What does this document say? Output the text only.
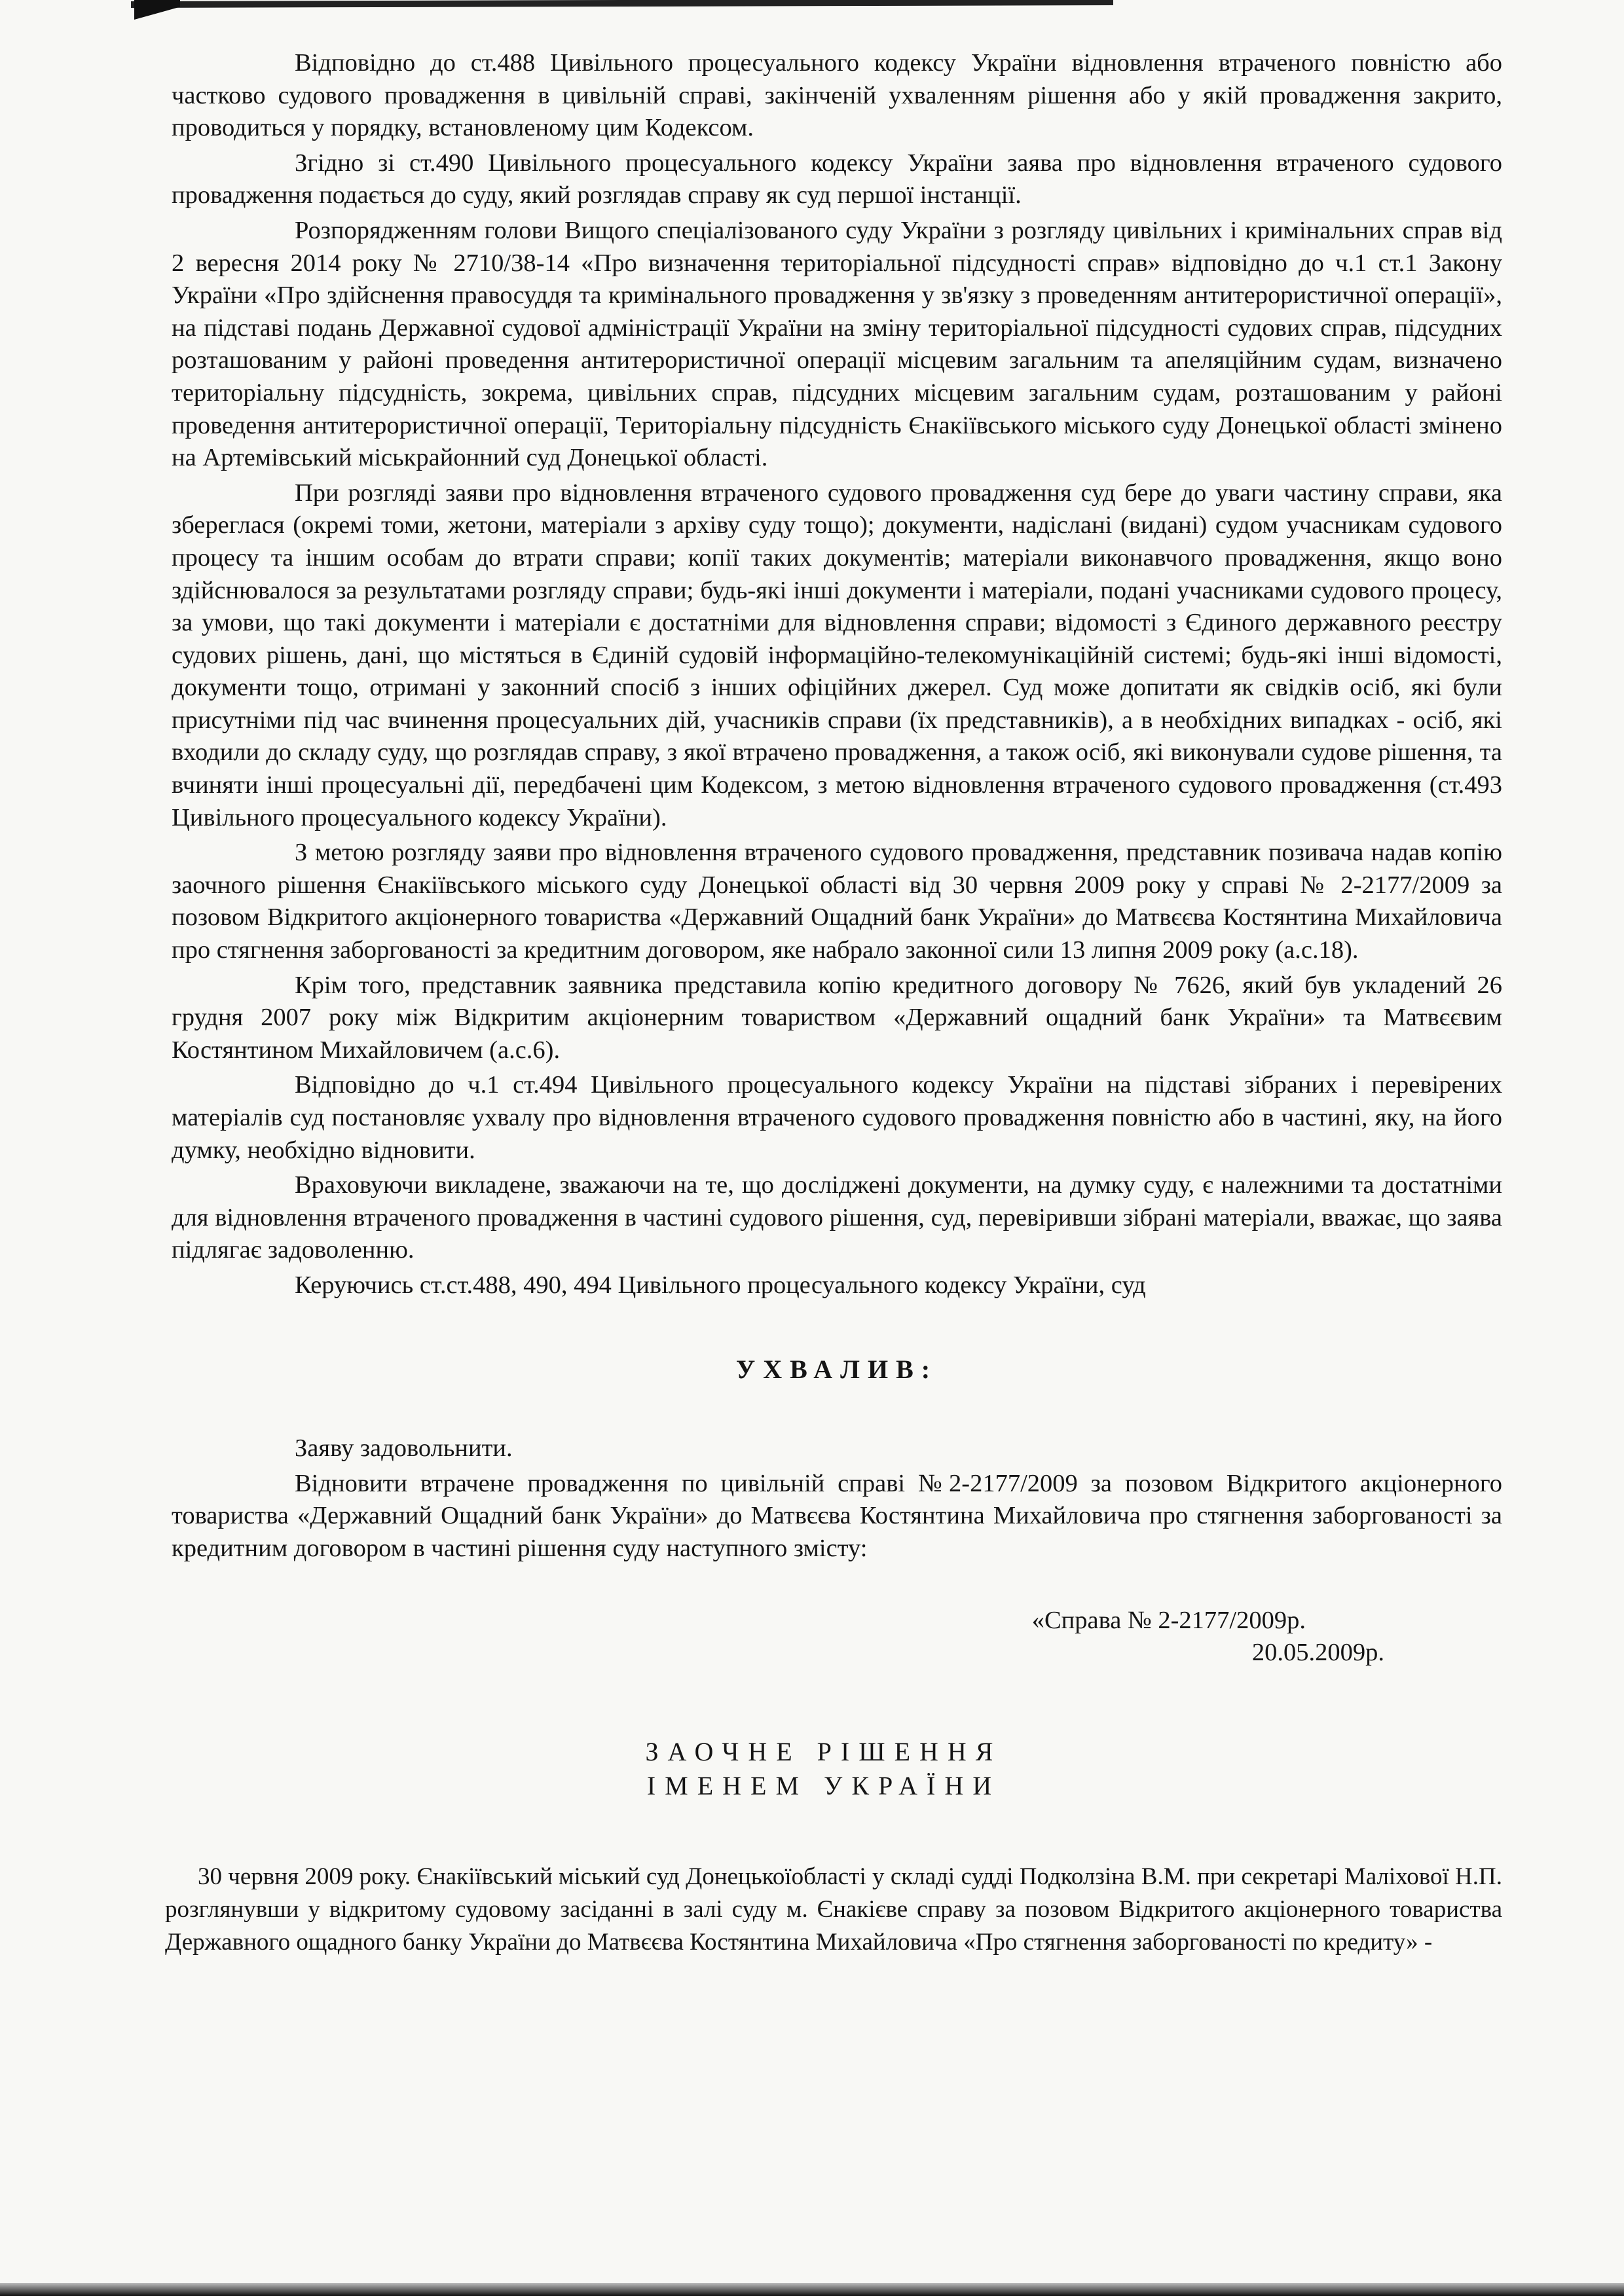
Відповідно до ст.488 Цивільного процесуального кодексу України відновлення втраченого повністю або частково судового провадження в цивільній справі, закінченій ухваленням рішення або у якій провадження закрито, проводиться у порядку, встановленому цим Кодексом.

Згідно зі ст.490 Цивільного процесуального кодексу України заява про відновлення втраченого судового провадження подається до суду, який розглядав справу як суд першої інстанції.

Розпорядженням голови Вищого спеціалізованого суду України з розгляду цивільних і кримінальних справ від 2 вересня 2014 року № 2710/38-14 «Про визначення територіальної підсудності справ» відповідно до ч.1 ст.1 Закону України «Про здійснення правосуддя та кримінального провадження у зв'язку з проведенням антитерористичної операції», на підставі подань Державної судової адміністрації України на зміну територіальної підсудності судових справ, підсудних розташованим у районі проведення антитерористичної операції місцевим загальним та апеляційним судам, визначено територіальну підсудність, зокрема, цивільних справ, підсудних місцевим загальним судам, розташованим у районі проведення антитерористичної операції, Територіальну підсудність Єнакіївського міського суду Донецької області змінено на Артемівський міськрайонний суд Донецької області.

При розгляді заяви про відновлення втраченого судового провадження суд бере до уваги частину справи, яка збереглася (окремі томи, жетони, матеріали з архіву суду тощо); документи, надіслані (видані) судом учасникам судового процесу та іншим особам до втрати справи; копії таких документів; матеріали виконавчого провадження, якщо воно здійснювалося за результатами розгляду справи; будь-які інші документи і матеріали, подані учасниками судового процесу, за умови, що такі документи і матеріали є достатніми для відновлення справи; відомості з Єдиного державного реєстру судових рішень, дані, що містяться в Єдиній судовій інформаційно-телекомунікаційній системі; будь-які інші відомості, документи тощо, отримані у законний спосіб з інших офіційних джерел. Суд може допитати як свідків осіб, які були присутніми під час вчинення процесуальних дій, учасників справи (їх представників), а в необхідних випадках - осіб, які входили до складу суду, що розглядав справу, з якої втрачено провадження, а також осіб, які виконували судове рішення, та вчиняти інші процесуальні дії, передбачені цим Кодексом, з метою відновлення втраченого судового провадження (ст.493 Цивільного процесуального кодексу України).

З метою розгляду заяви про відновлення втраченого судового провадження, представник позивача надав копію заочного рішення Єнакіївського міського суду Донецької області від 30 червня 2009 року у справі № 2-2177/2009 за позовом Відкритого акціонерного товариства «Державний Ощадний банк України» до Матвєєва Костянтина Михайловича про стягнення заборгованості за кредитним договором, яке набрало законної сили 13 липня 2009 року (а.с.18).

Крім того, представник заявника представила копію кредитного договору № 7626, який був укладений 26 грудня 2007 року між Відкритим акціонерним товариством «Державний ощадний банк України» та Матвєєвим Костянтином Михайловичем (а.с.6).

Відповідно до ч.1 ст.494 Цивільного процесуального кодексу України на підставі зібраних і перевірених матеріалів суд постановляє ухвалу про відновлення втраченого судового провадження повністю або в частині, яку, на його думку, необхідно відновити.

Враховуючи викладене, зважаючи на те, що досліджені документи, на думку суду, є належними та достатніми для відновлення втраченого провадження в частині судового рішення, суд, перевіривши зібрані матеріали, вважає, що заява підлягає задоволенню.

Керуючись ст.ст.488, 490, 494 Цивільного процесуального кодексу України, суд

УХВАЛИВ:

Заяву задовольнити.

Відновити втрачене провадження по цивільній справі №2-2177/2009 за позовом Відкритого акціонерного товариства «Державний Ощадний банк України» до Матвєєва Костянтина Михайловича про стягнення заборгованості за кредитним договором в частині рішення суду наступного змісту:

«Справа № 2-2177/2009р.
20.05.2009р.
ЗАОЧНЕ РІШЕННЯ
ІМЕНЕМ УКРАЇНИ

30 червня 2009 року. Єнакіївський міський суд Донецькоїобласті у складі судді Подколзіна В.М. при секретарі Маліхової Н.П. розглянувши у відкритому судовому засіданні в залі суду м. Єнакієве справу за позовом Відкритого акціонерного товариства Державного ощадного банку України до Матвєєва Костянтина Михайловича «Про стягнення заборгованості по кредиту» -
